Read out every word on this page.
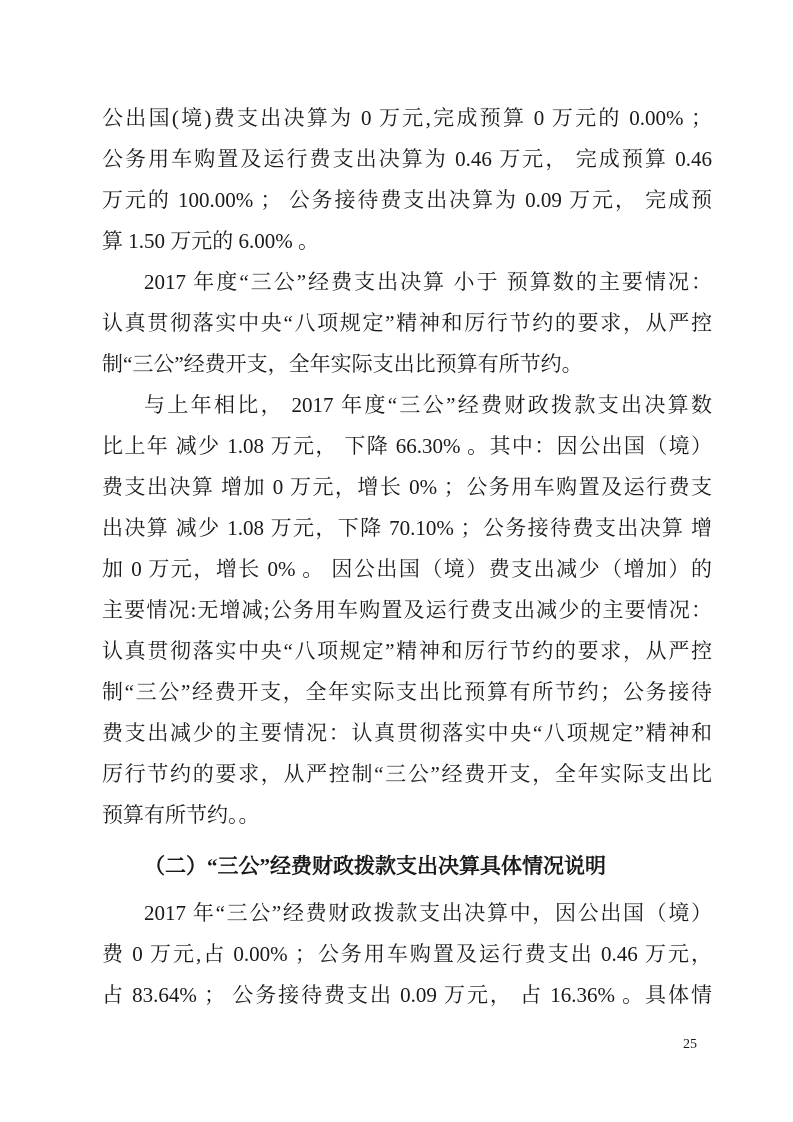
公出国(境)费支出决算为 0 万元,完成预算 0 万元的 0.00% ；
公务用车购置及运行费支出决算为 0.46 万元， 完成预算 0.46
万元的 100.00% ； 公务接待费支出决算为 0.09 万元， 完成预
算 1.50 万元的 6.00% 。
2017 年度“三公”经费支出决算 小于 预算数的主要情况：
认真贯彻落实中央“八项规定”精神和厉行节约的要求，从严控
制“三公”经费开支，全年实际支出比预算有所节约。
与上年相比， 2017 年度“三公”经费财政拨款支出决算数
比上年 减少 1.08 万元， 下降 66.30% 。其中：因公出国（境）
费支出决算 增加 0 万元，增长 0% ；公务用车购置及运行费支
出决算 减少 1.08 万元，下降 70.10% ；公务接待费支出决算 增
加 0 万元，增长 0% 。 因公出国（境）费支出减少（增加）的
主要情况:无增减;公务用车购置及运行费支出减少的主要情况：
认真贯彻落实中央“八项规定”精神和厉行节约的要求，从严控
制“三公”经费开支，全年实际支出比预算有所节约；公务接待
费支出减少的主要情况：认真贯彻落实中央“八项规定”精神和
厉行节约的要求，从严控制“三公”经费开支，全年实际支出比
预算有所节约。。
（二）“三公”经费财政拨款支出决算具体情况说明
2017 年“三公”经费财政拨款支出决算中，因公出国（境）
费 0 万元,占 0.00% ；公务用车购置及运行费支出 0.46 万元，
占 83.64% ； 公务接待费支出 0.09 万元， 占 16.36% 。具体情
25
